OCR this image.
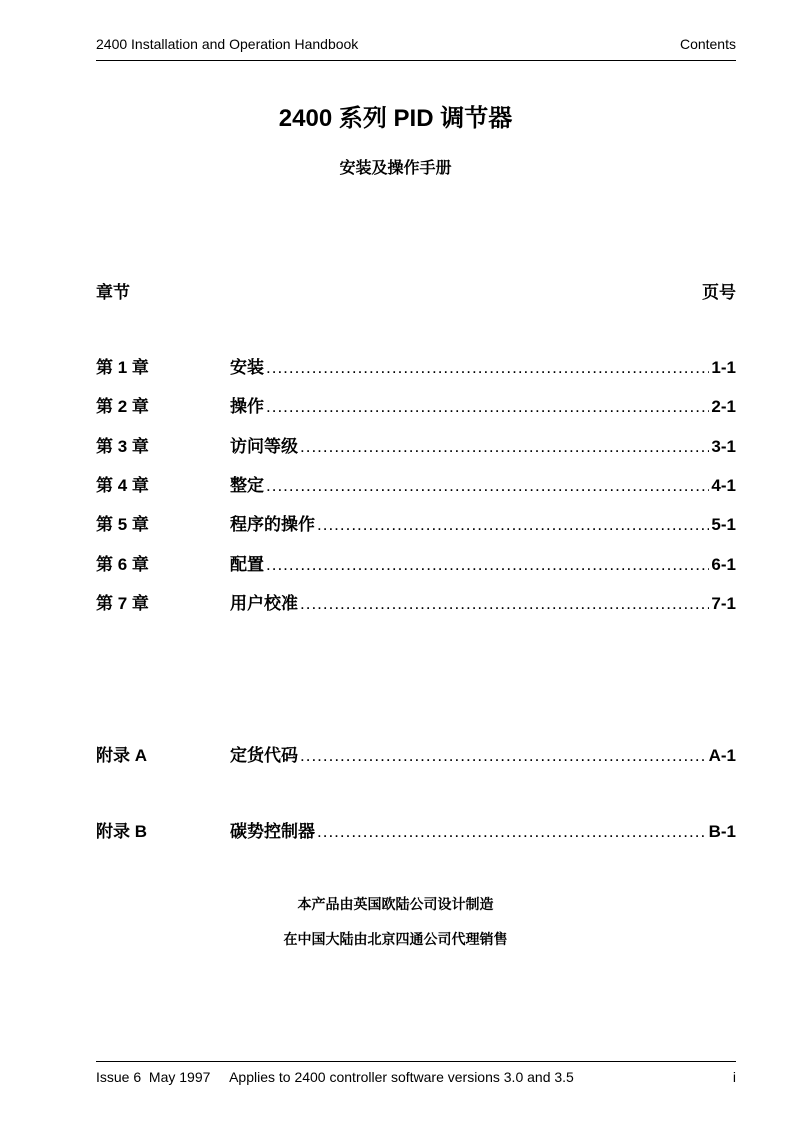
2400 Installation and Operation Handbook	Contents
2400 系列 PID 调节器
安装及操作手册
章节	页号
第 1 章	安装 .....	1-1
第 2 章	操作 .....	2-1
第 3 章	访问等级 .....	3-1
第 4 章	整定 .....	4-1
第 5 章	程序的操作 .....	5-1
第 6 章	配置 .....	6-1
第 7 章	用户校准 .....	7-1
附录 A	定货代码 .....	A-1
附录 B	碳势控制器 .....	B-1
本产品由英国欧陆公司设计制造
在中国大陆由北京四通公司代理销售
Issue 6  May 1997     Applies to 2400 controller software versions 3.0 and 3.5	i
